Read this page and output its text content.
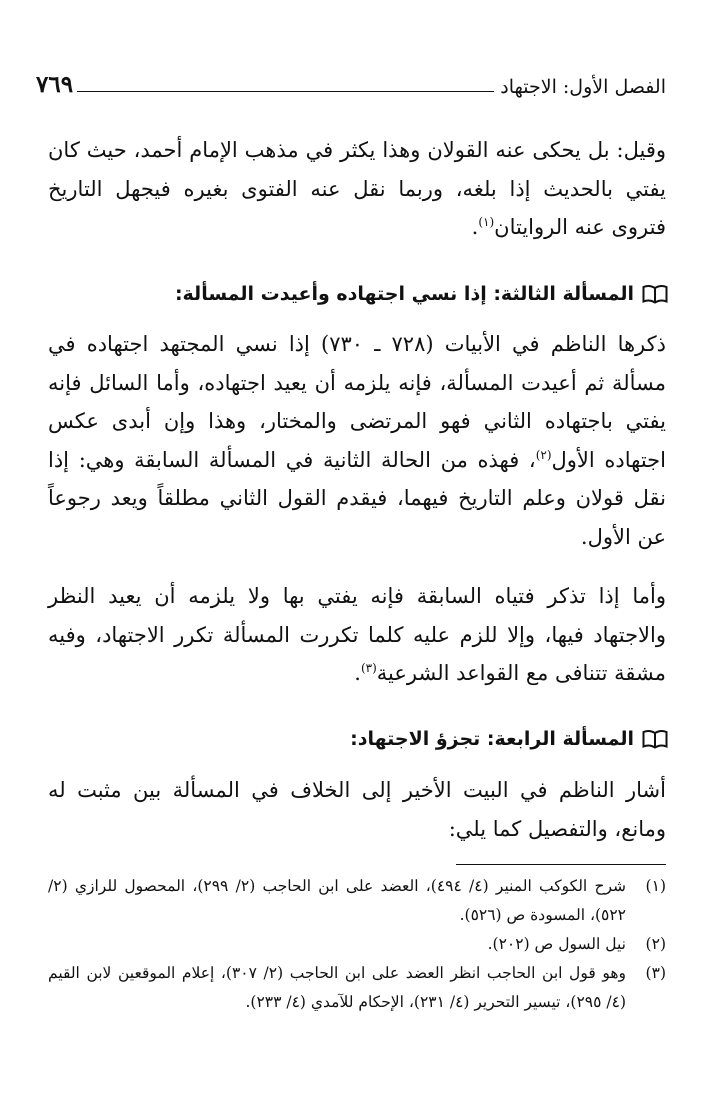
الفصل الأول: الاجتهاد
٧٦٩
وقيل: بل يحكى عنه القولان وهذا يكثر في مذهب الإمام أحمد، حيث كان يفتي بالحديث إذا بلغه، وربما نقل عنه الفتوى بغيره فيجهل التاريخ فتروى عنه الروايتان$^{(١)}$.
المسألة الثالثة: إذا نسي اجتهاده وأعيدت المسألة:
ذكرها الناظم في الأبيات (٧٢٨ ـ ٧٣٠) إذا نسي المجتهد اجتهاده في مسألة ثم أعيدت المسألة، فإنه يلزمه أن يعيد اجتهاده، وأما السائل فإنه يفتي باجتهاده الثاني فهو المرتضى والمختار، وهذا وإن أبدى عكس اجتهاده الأول$^{(٢)}$، فهذه من الحالة الثانية في المسألة السابقة وهي: إذا نقل قولان وعلم التاريخ فيهما، فيقدم القول الثاني مطلقاً ويعد رجوعاً عن الأول.
وأما إذا تذكر فتياه السابقة فإنه يفتي بها ولا يلزمه أن يعيد النظر والاجتهاد فيها، وإلا للزم عليه كلما تكررت المسألة تكرر الاجتهاد، وفيه مشقة تتنافى مع القواعد الشرعية$^{(٣)}$.
المسألة الرابعة: تجزؤ الاجتهاد:
أشار الناظم في البيت الأخير إلى الخلاف في المسألة بين مثبت له ومانع، والتفصيل كما يلي:
(١)
شرح الكوكب المنير (٤/ ٤٩٤)، العضد على ابن الحاجب (٢/ ٢٩٩)، المحصول للرازي (٢/ ٥٢٢)، المسودة ص (٥٢٦).
(٢)
نيل السول ص (٢٠٢).
(٣)
وهو قول ابن الحاجب انظر العضد على ابن الحاجب (٢/ ٣٠٧)، إعلام الموقعين لابن القيم (٤/ ٢٩٥)، تيسير التحرير (٤/ ٢٣١)، الإحكام للآمدي (٤/ ٢٣٣).
